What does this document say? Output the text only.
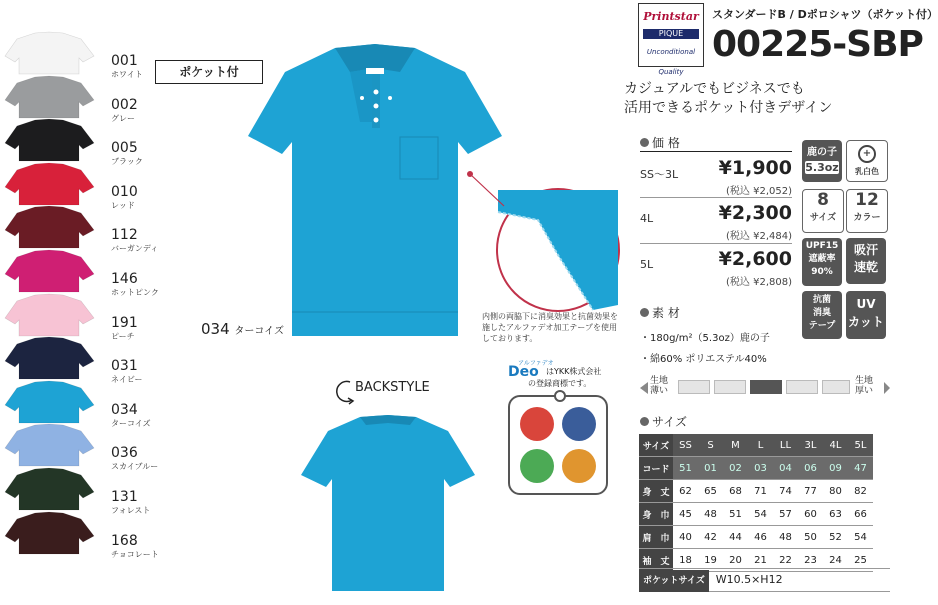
001
ホワイト
002
グレー
005
ブラック
010
レッド
112
バーガンディ
146
ホットピンク
191
ピーチ
031
ネイビー
034
ターコイズ
036
スカイブルー
131
フォレスト
168
チョコレート
ポケット付
034 ターコイズ
内側の両脇下に消臭効果と抗菌効果を施したアルファデオ加工テープを使用しております。
アルファデオ
Deo はYKK株式会社
の登録商標です。
BACKSTYLE
Printstar
PIQUE
Unconditional Quality
スタンダードB / Dポロシャツ（ポケット付）
00225-SBP
カジュアルでもビジネスでも
活用できるポケット付きデザイン
価 格
SS〜3L ¥1,900
(税込 ¥2,052)
4L	¥2,300
(税込 ¥2,484)
5L	¥2,600
(税込 ¥2,808)
鹿の子
5.3oz
+
乳白色
8
サイズ
12
カラー
UPF15
遮蔽率
90%
吸汗
速乾
抗菌
消臭
テープ
UV
カット
素 材
・180g/m²（5.3oz）鹿の子
・綿60% ポリエステル40%
生地
薄い
生地
厚い
サイズ
サイズ	SS	S	M	L	LL	3L	4L	5L
コード	51	01	02	03	04	06	09	47
身　丈	62	65	68	71	74	77	80	82
身　巾	45	48	51	54	57	60	63	66
肩　巾	40	42	44	46	48	50	52	54
袖　丈	18	19	20	21	22	23	24	25
ポケットサイズ W10.5×H12
